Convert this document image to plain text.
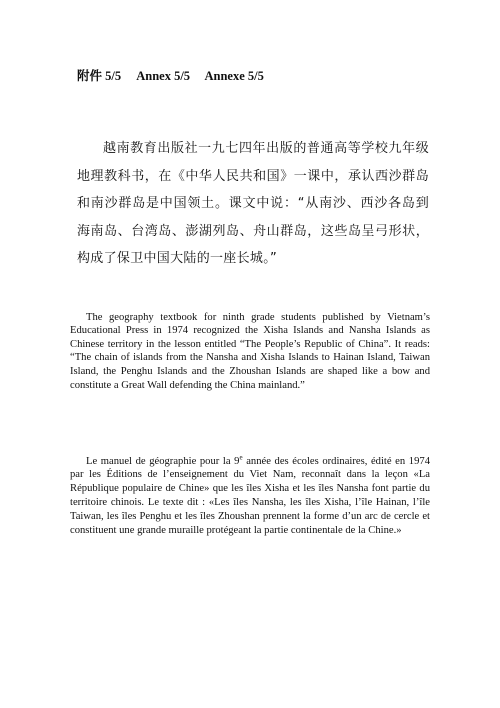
附件 5/5 Annex 5/5 Annexe 5/5

越南教育出版社一九七四年出版的普通高等学校九年级地理教科书，在《中华人民共和国》一课中，承认西沙群岛和南沙群岛是中国领土。课文中说：“从南沙、西沙各岛到海南岛、台湾岛、澎湖列岛、舟山群岛，这些岛呈弓形状，构成了保卫中国大陆的一座长城。”

The geography textbook for ninth grade students published by Vietnam’s Educational Press in 1974 recognized the Xisha Islands and Nansha Islands as Chinese territory in the lesson entitled “The People’s Republic of China”. It reads: “The chain of islands from the Nansha and Xisha Islands to Hainan Island, Taiwan Island, the Penghu Islands and the Zhoushan Islands are shaped like a bow and constitute a Great Wall defending the China mainland.”

Le manuel de géographie pour la 9e année des écoles ordinaires, édité en 1974 par les Éditions de l’enseignement du Viet Nam, reconnaît dans la leçon «La République populaire de Chine» que les îles Xisha et les îles Nansha font partie du territoire chinois. Le texte dit : «Les îles Nansha, les îles Xisha, l’île Hainan, l’île Taiwan, les îles Penghu et les îles Zhoushan prennent la forme d’un arc de cercle et constituent une grande muraille protégeant la partie continentale de la Chine.»
